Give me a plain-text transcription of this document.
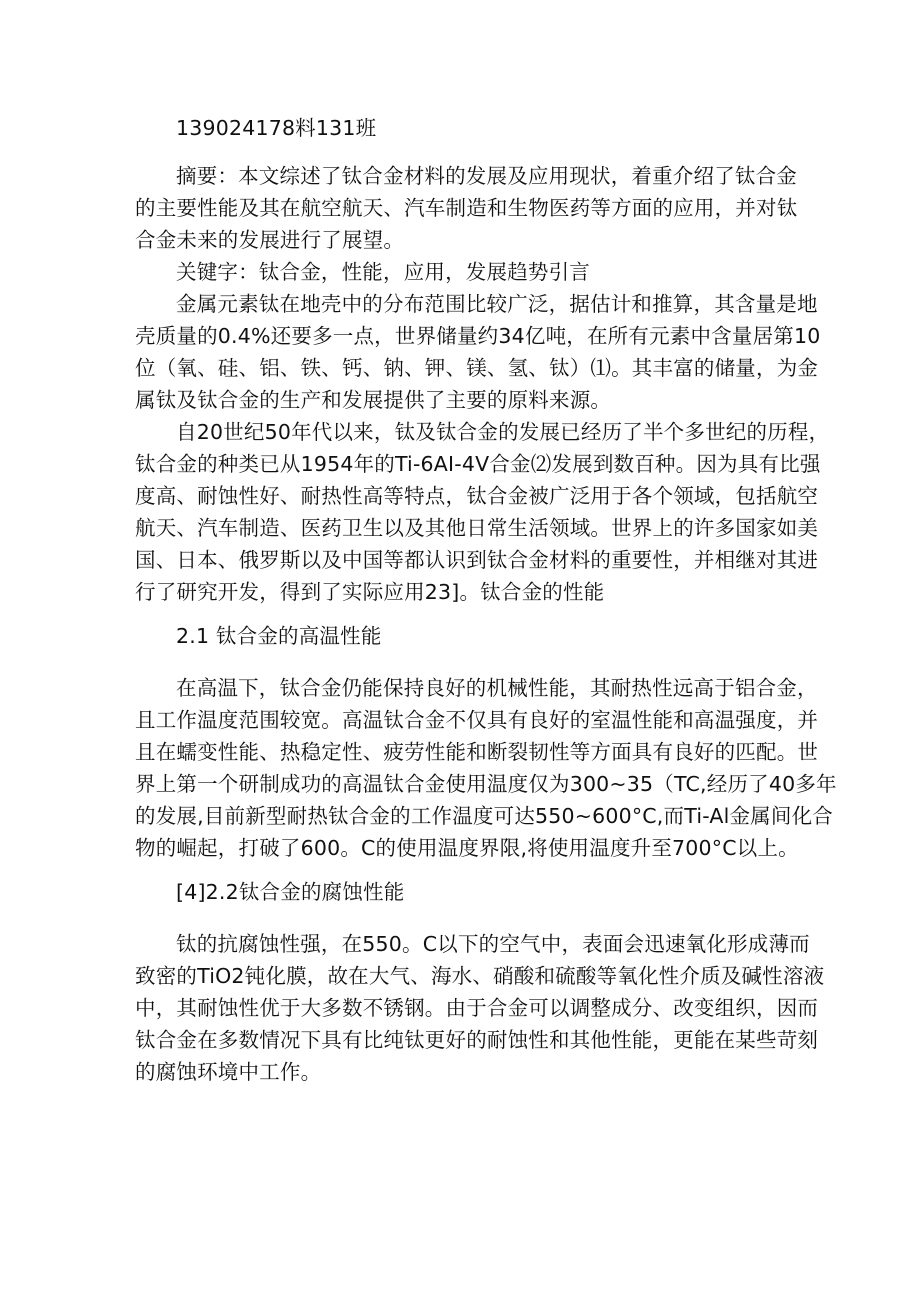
139024178料131班
摘要：本文综述了钛合金材料的发展及应用现状，着重介绍了钛合金
的主要性能及其在航空航天、汽车制造和生物医药等方面的应用，并对钛
合金未来的发展进行了展望。
关键字：钛合金，性能，应用，发展趋势引言
金属元素钛在地壳中的分布范围比较广泛，据估计和推算，其含量是地
壳质量的0.4%还要多一点，世界储量约34亿吨，在所有元素中含量居第10
位（氧、硅、铝、铁、钙、钠、钾、镁、氢、钛）⑴。其丰富的储量，为金
属钛及钛合金的生产和发展提供了主要的原料来源。
自20世纪50年代以来，钛及钛合金的发展已经历了半个多世纪的历程，
钛合金的种类已从1954年的Ti-6AI-4V合金⑵发展到数百种。因为具有比强
度高、耐蚀性好、耐热性高等特点，钛合金被广泛用于各个领域，包括航空
航天、汽车制造、医药卫生以及其他日常生活领域。世界上的许多国家如美
国、日本、俄罗斯以及中国等都认识到钛合金材料的重要性，并相继对其进
行了研究开发，得到了实际应用23]。钛合金的性能
2.1 钛合金的高温性能
在高温下，钛合金仍能保持良好的机械性能，其耐热性远高于铝合金，
且工作温度范围较宽。高温钛合金不仅具有良好的室温性能和高温强度，并
且在蠕变性能、热稳定性、疲劳性能和断裂韧性等方面具有良好的匹配。世
界上第一个研制成功的高温钛合金使用温度仅为300~35（TC,经历了40多年
的发展,目前新型耐热钛合金的工作温度可达550~600°C,而Ti-Al金属间化合
物的崛起，打破了600。C的使用温度界限,将使用温度升至700°C以上。
[4]2.2钛合金的腐蚀性能
钛的抗腐蚀性强，在550。C以下的空气中，表面会迅速氧化形成薄而
致密的TiO2钝化膜，故在大气、海水、硝酸和硫酸等氧化性介质及碱性溶液
中，其耐蚀性优于大多数不锈钢。由于合金可以调整成分、改变组织，因而
钛合金在多数情况下具有比纯钛更好的耐蚀性和其他性能，更能在某些苛刻
的腐蚀环境中工作。
